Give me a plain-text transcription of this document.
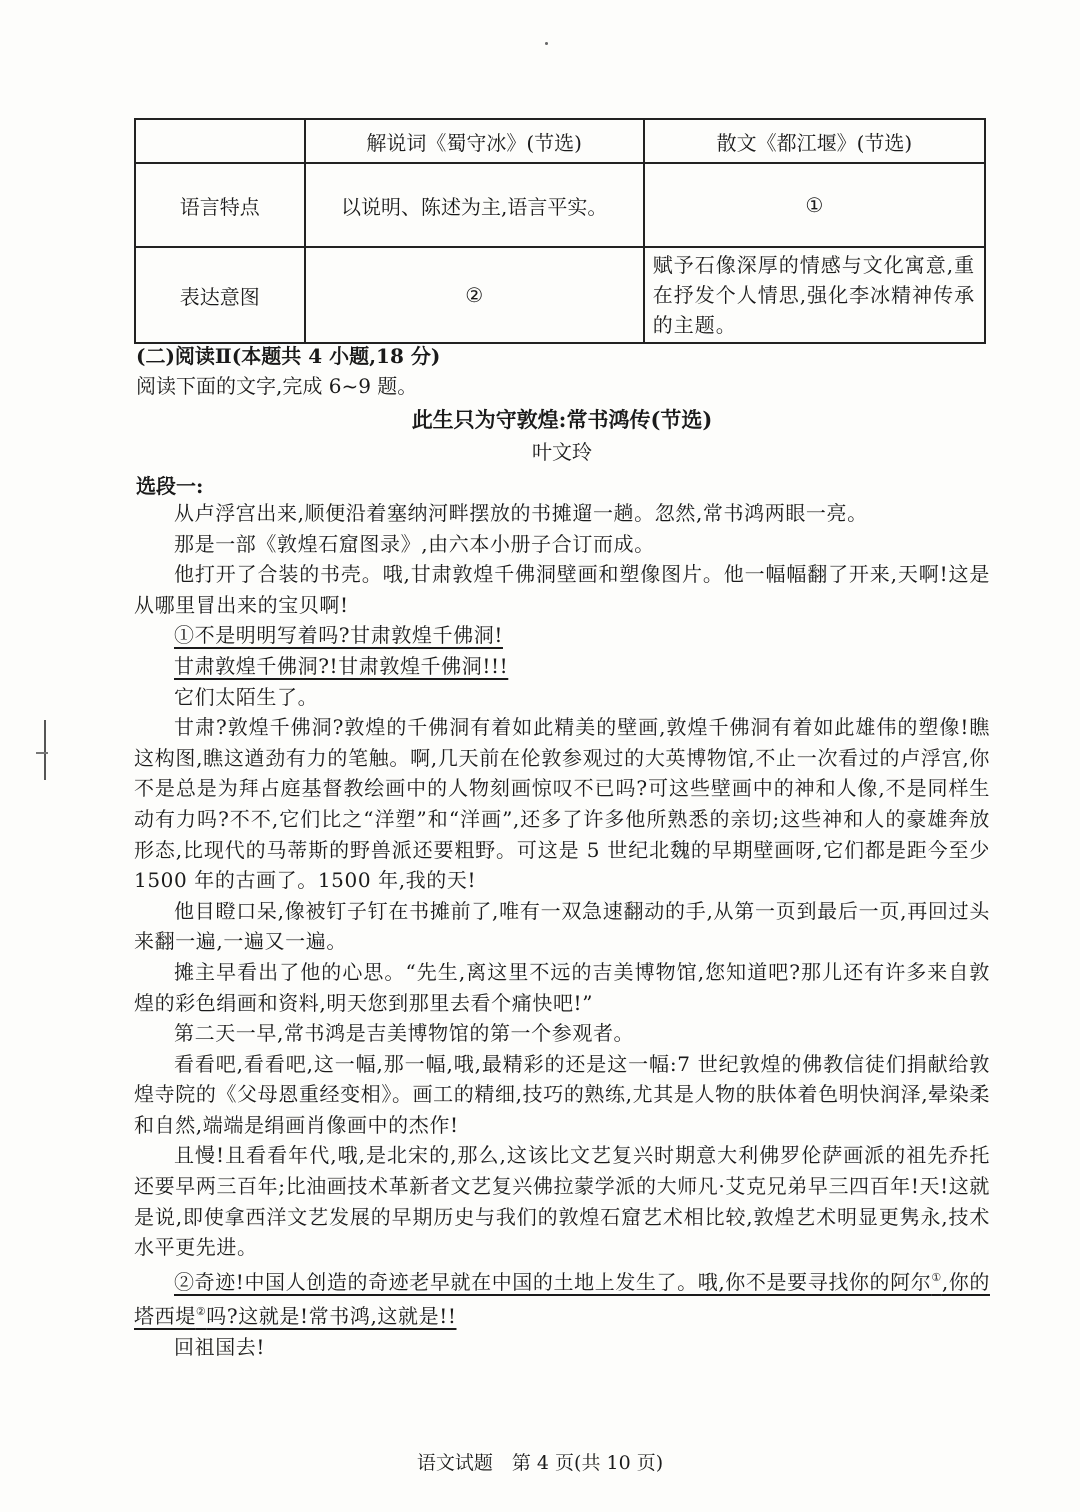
	解说词《蜀守冰》(节选)	散文《都江堰》(节选)
语言特点	以说明、陈述为主,语言平实。	①
表达意图	②	赋予石像深厚的情感与文化寓意,重在抒发个人情思,强化李冰精神传承的主题。
(二)阅读Ⅱ(本题共 4 小题,18 分)
阅读下面的文字,完成 6~9 题。
此生只为守敦煌:常书鸿传(节选)
叶文玲
选段一:

从卢浮宫出来,顺便沿着塞纳河畔摆放的书摊遛一趟。忽然,常书鸿两眼一亮。

那是一部《敦煌石窟图录》,由六本小册子合订而成。

他打开了合装的书壳。哦,甘肃敦煌千佛洞壁画和塑像图片。他一幅幅翻了开来,天啊!这是从哪里冒出来的宝贝啊!

①不是明明写着吗?甘肃敦煌千佛洞!

甘肃敦煌千佛洞?!甘肃敦煌千佛洞!!!

它们太陌生了。

甘肃?敦煌千佛洞?敦煌的千佛洞有着如此精美的壁画,敦煌千佛洞有着如此雄伟的塑像!瞧这构图,瞧这遒劲有力的笔触。啊,几天前在伦敦参观过的大英博物馆,不止一次看过的卢浮宫,你不是总是为拜占庭基督教绘画中的人物刻画惊叹不已吗?可这些壁画中的神和人像,不是同样生动有力吗?不不,它们比之“洋塑”和“洋画”,还多了许多他所熟悉的亲切;这些神和人的豪雄奔放形态,比现代的马蒂斯的野兽派还要粗野。可这是 5 世纪北魏的早期壁画呀,它们都是距今至少 1500 年的古画了。1500 年,我的天!

他目瞪口呆,像被钉子钉在书摊前了,唯有一双急速翻动的手,从第一页到最后一页,再回过头来翻一遍,一遍又一遍。

摊主早看出了他的心思。“先生,离这里不远的吉美博物馆,您知道吧?那儿还有许多来自敦煌的彩色绢画和资料,明天您到那里去看个痛快吧!”

第二天一早,常书鸿是吉美博物馆的第一个参观者。

看看吧,看看吧,这一幅,那一幅,哦,最精彩的还是这一幅:7 世纪敦煌的佛教信徒们捐献给敦煌寺院的《父母恩重经变相》。画工的精细,技巧的熟练,尤其是人物的肤体着色明快润泽,晕染柔和自然,端端是绢画肖像画中的杰作!

且慢!且看看年代,哦,是北宋的,那么,这该比文艺复兴时期意大利佛罗伦萨画派的祖先乔托还要早两三百年;比油画技术革新者文艺复兴佛拉蒙学派的大师凡·艾克兄弟早三四百年!天!这就是说,即使拿西洋文艺发展的早期历史与我们的敦煌石窟艺术相比较,敦煌艺术明显更隽永,技术水平更先进。

②奇迹!中国人创造的奇迹老早就在中国的土地上发生了。哦,你不是要寻找你的阿尔①,你的塔西堤②吗?这就是!常书鸿,这就是!!

回祖国去!

语文试题　第 4 页(共 10 页)
